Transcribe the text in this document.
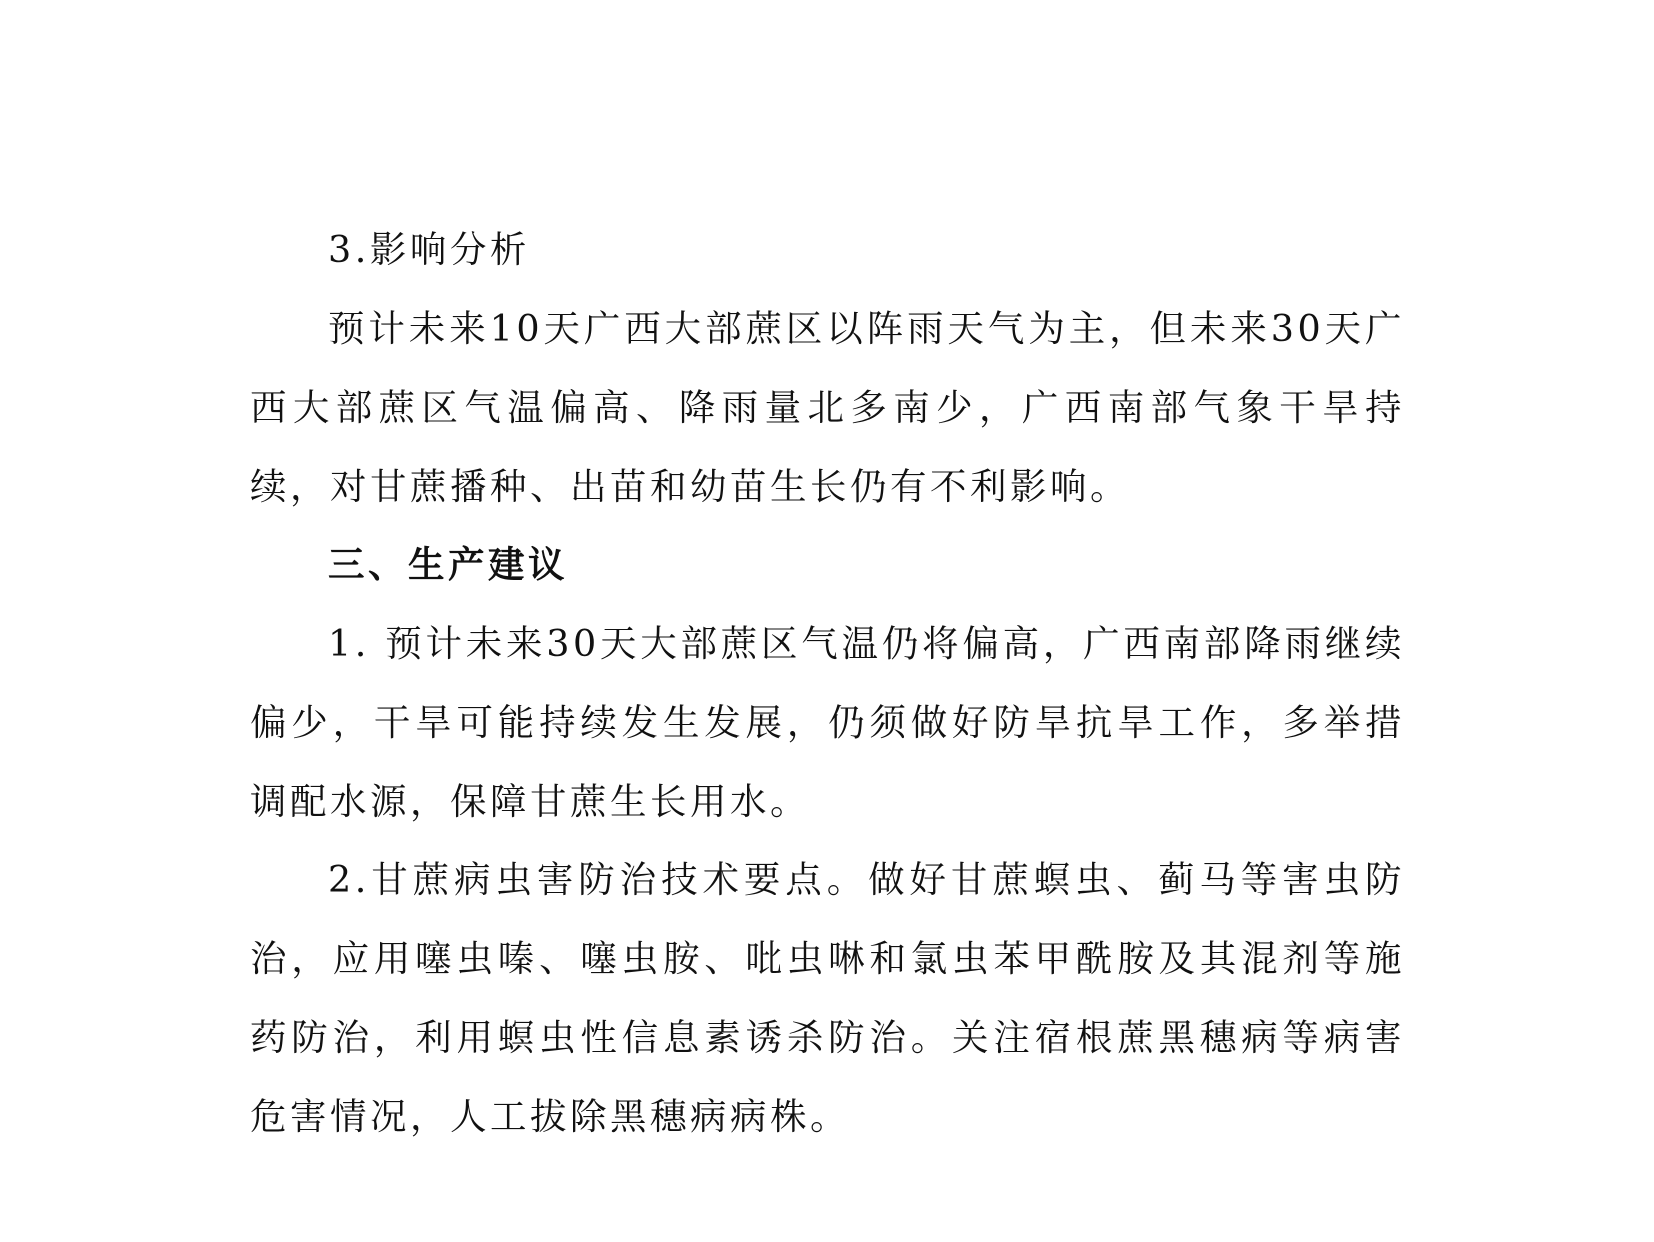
3.影响分析

预计未来10天广西大部蔗区以阵雨天气为主，但未来30天广西大部蔗区气温偏高、降雨量北多南少，广西南部气象干旱持续，对甘蔗播种、出苗和幼苗生长仍有不利影响。

三、生产建议

1. 预计未来30天大部蔗区气温仍将偏高，广西南部降雨继续偏少，干旱可能持续发生发展，仍须做好防旱抗旱工作，多举措调配水源，保障甘蔗生长用水。

2.甘蔗病虫害防治技术要点。做好甘蔗螟虫、蓟马等害虫防治，应用噻虫嗪、噻虫胺、吡虫啉和氯虫苯甲酰胺及其混剂等施药防治，利用螟虫性信息素诱杀防治。关注宿根蔗黑穗病等病害危害情况，人工拔除黑穗病病株。
